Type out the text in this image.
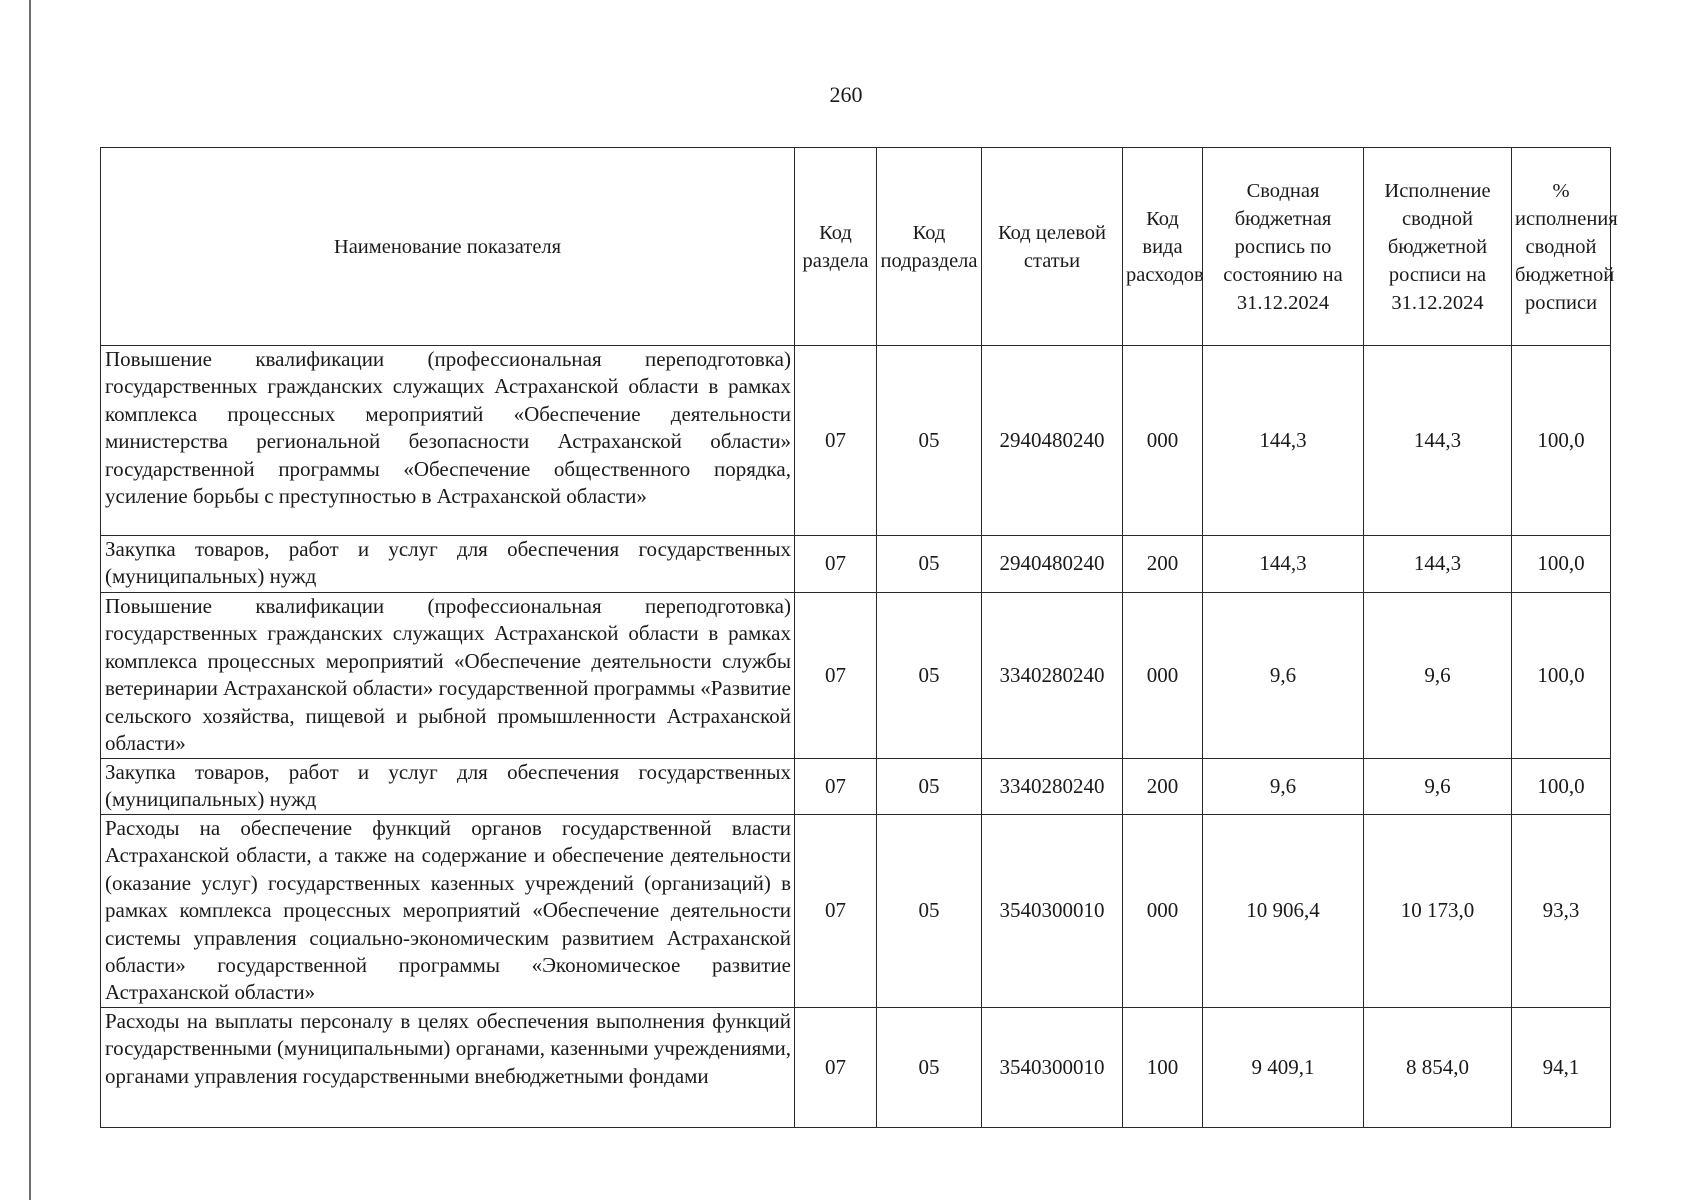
260
Наименование показателя	Код раздела	Код подраздела	Код целевой статьи	Код вида расходов	Сводная бюджетная роспись по состоянию на 31.12.2024	Исполнение сводной бюджетной росписи на 31.12.2024	% исполнения сводной бюджетной росписи
Повышение квалификации (профессиональная переподготовка) государственных гражданских служащих Астраханской области в рамках комплекса процессных мероприятий «Обеспечение деятельности министерства региональной безопасности Астраханской области» государственной программы «Обеспечение общественного порядка, усиление борьбы с преступностью в Астраханской области»	07	05	2940480240	000	144,3	144,3	100,0
Закупка товаров, работ и услуг для обеспечения государственных (муниципальных) нужд	07	05	2940480240	200	144,3	144,3	100,0
Повышение квалификации (профессиональная переподготовка) государственных гражданских служащих Астраханской области в рамках комплекса процессных мероприятий «Обеспечение деятельности службы ветеринарии Астраханской области» государственной программы «Развитие сельского хозяйства, пищевой и рыбной промышленности Астраханской области»	07	05	3340280240	000	9,6	9,6	100,0
Закупка товаров, работ и услуг для обеспечения государственных (муниципальных) нужд	07	05	3340280240	200	9,6	9,6	100,0
Расходы на обеспечение функций органов государственной власти Астраханской области, а также на содержание и обеспечение деятельности (оказание услуг) государственных казенных учреждений (организаций) в рамках комплекса процессных мероприятий «Обеспечение деятельности системы управления социально-экономическим развитием Астраханской области» государственной программы «Экономическое развитие Астраханской области»	07	05	3540300010	000	10 906,4	10 173,0	93,3
Расходы на выплаты персоналу в целях обеспечения выполнения функций государственными (муниципальными) органами, казенными учреждениями, органами управления государственными внебюджетными фондами	07	05	3540300010	100	9 409,1	8 854,0	94,1
